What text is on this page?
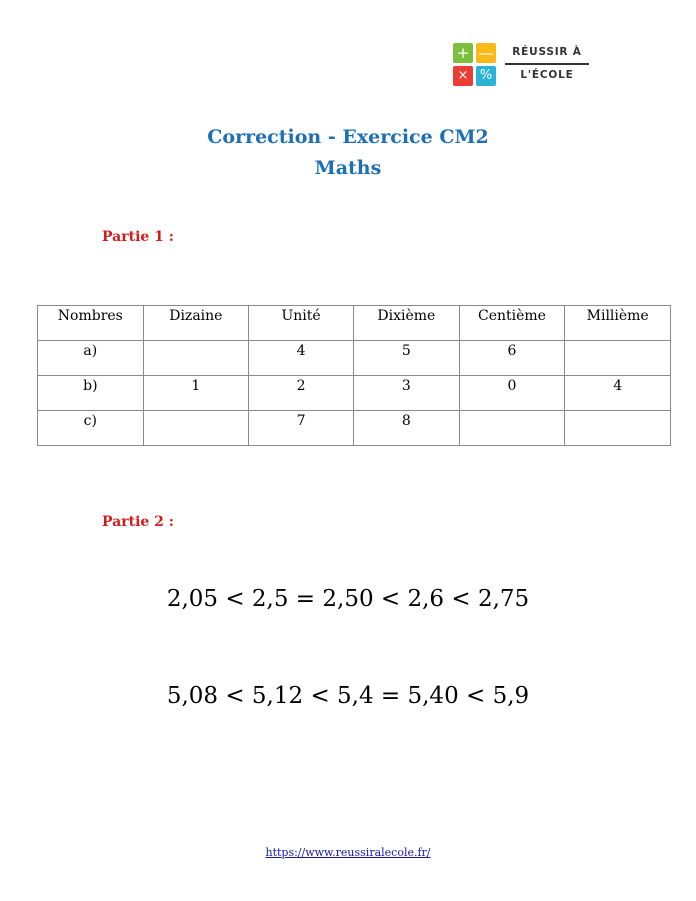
+ —
× %
RÉUSSIR À
L'ÉCOLE
Correction - Exercice CM2
Maths
Partie 1 :
Nombres	Dizaine	Unité	Dixième	Centième	Millième
a)		4	5	6	
b)	1	2	3	0	4
c)		7	8		
Partie 2 :
2,05 < 2,5 = 2,50 < 2,6 < 2,75
5,08 < 5,12 < 5,4 = 5,40 < 5,9
https://www.reussiralecole.fr/
